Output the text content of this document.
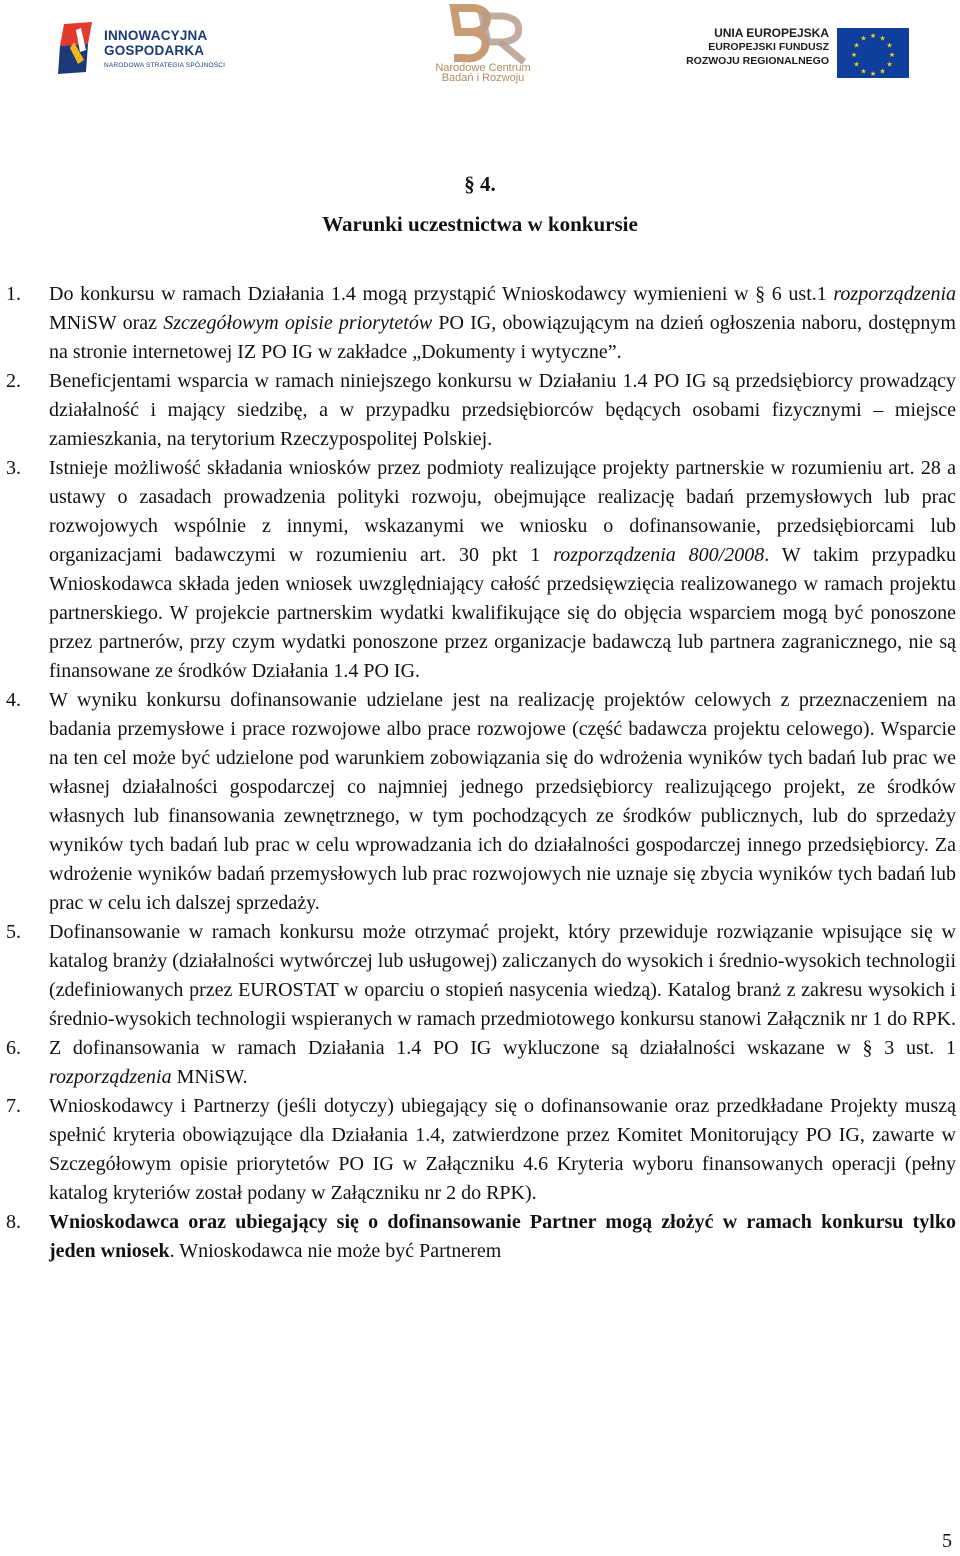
INNOWACYJNA
GOSPODARKA
NARODOWA STRATEGIA SPÓJNOŚCI	Narodowe Centrum
Badań i Rozwoju
UNIA EUROPEJSKA
EUROPEJSKI FUNDUSZ
ROZWOJU REGIONALNEGO
★ ★
★
★
★
★
★
★
★
★
★
★
§ 4.
Warunki uczestnictwa w konkursie

1. Do konkursu w ramach Działania 1.4 mogą przystąpić Wnioskodawcy wymienieni w § 6 ust.1 rozporządzenia MNiSW oraz Szczegółowym opisie priorytetów PO IG, obowiązującym na dzień ogłoszenia naboru, dostępnym na stronie internetowej IZ PO IG w zakładce „Dokumenty i wytyczne”.

2. Beneficjentami wsparcia w ramach niniejszego konkursu w Działaniu 1.4 PO IG są przedsiębiorcy prowadzący działalność i mający siedzibę, a w przypadku przedsiębiorców będących osobami fizycznymi – miejsce zamieszkania, na terytorium Rzeczypospolitej Polskiej.

3. Istnieje możliwość składania wniosków przez podmioty realizujące projekty partnerskie w rozumieniu art. 28 a ustawy o zasadach prowadzenia polityki rozwoju, obejmujące realizację badań przemysłowych lub prac rozwojowych wspólnie z innymi, wskazanymi we wniosku o dofinansowanie, przedsiębiorcami lub organizacjami badawczymi w rozumieniu art. 30 pkt 1 rozporządzenia 800/2008. W takim przypadku Wnioskodawca składa jeden wniosek uwzględniający całość przedsięwzięcia realizowanego w ramach projektu partnerskiego. W projekcie partnerskim wydatki kwalifikujące się do objęcia wsparciem mogą być ponoszone przez partnerów, przy czym wydatki ponoszone przez organizacje badawczą lub partnera zagranicznego, nie są finansowane ze środków Działania 1.4 PO IG.

4. W wyniku konkursu dofinansowanie udzielane jest na realizację projektów celowych z przeznaczeniem na badania przemysłowe i prace rozwojowe albo prace rozwojowe (część badawcza projektu celowego). Wsparcie na ten cel może być udzielone pod warunkiem zobowiązania się do wdrożenia wyników tych badań lub prac we własnej działalności gospodarczej co najmniej jednego przedsiębiorcy realizującego projekt, ze środków własnych lub finansowania zewnętrznego, w tym pochodzących ze środków publicznych, lub do sprzedaży wyników tych badań lub prac w celu wprowadzania ich do działalności gospodarczej innego przedsiębiorcy. Za wdrożenie wyników badań przemysłowych lub prac rozwojowych nie uznaje się zbycia wyników tych badań lub prac w celu ich dalszej sprzedaży.

5. Dofinansowanie w ramach konkursu może otrzymać projekt, który przewiduje rozwiązanie wpisujące się w katalog branży (działalności wytwórczej lub usługowej) zaliczanych do wysokich i średnio-wysokich technologii (zdefiniowanych przez EUROSTAT w oparciu o stopień nasycenia wiedzą). Katalog branż z zakresu wysokich i średnio-wysokich technologii wspieranych w ramach przedmiotowego konkursu stanowi Załącznik nr 1 do RPK.

6. Z dofinansowania w ramach Działania 1.4 PO IG wykluczone są działalności wskazane w § 3 ust. 1 rozporządzenia MNiSW.

7. Wnioskodawcy i Partnerzy (jeśli dotyczy) ubiegający się o dofinansowanie oraz przedkładane Projekty muszą spełnić kryteria obowiązujące dla Działania 1.4, zatwierdzone przez Komitet Monitorujący PO IG, zawarte w Szczegółowym opisie priorytetów PO IG w Załączniku 4.6 Kryteria wyboru finansowanych operacji (pełny katalog kryteriów został podany w Załączniku nr 2 do RPK).

8. Wnioskodawca oraz ubiegający się o dofinansowanie Partner mogą złożyć w ramach konkursu tylko jeden wniosek. Wnioskodawca nie może być Partnerem

5
